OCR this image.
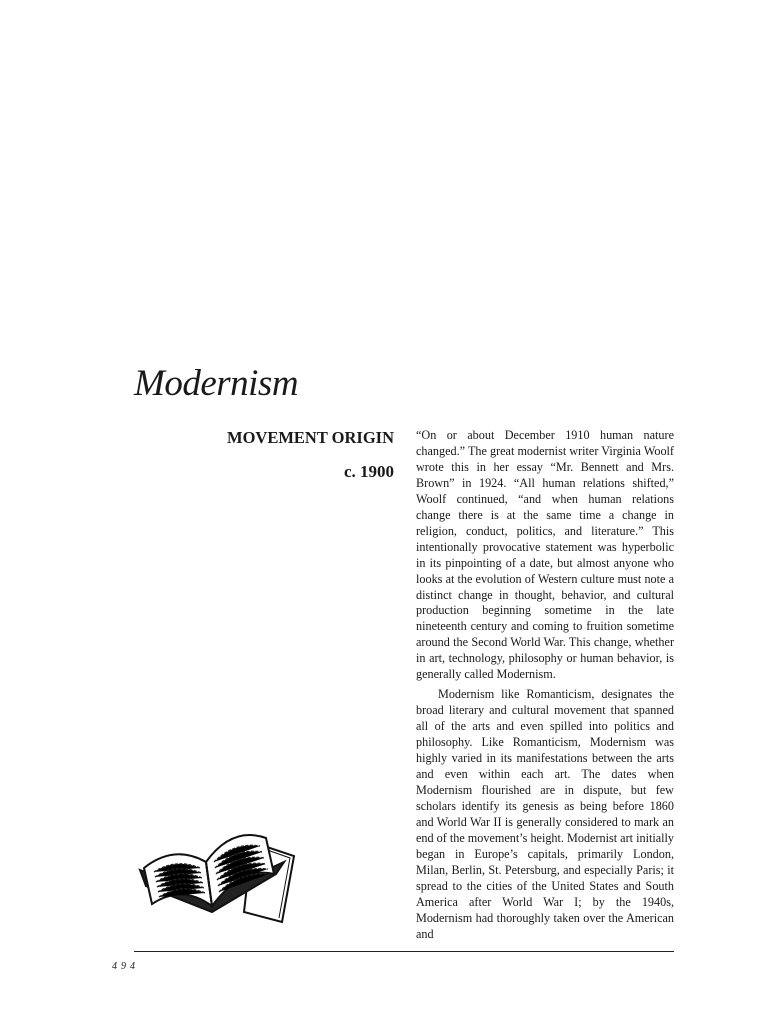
Modernism
MOVEMENT ORIGIN
c. 1900

“On or about December 1910 human nature changed.” The great modernist writer Virginia Woolf wrote this in her essay “Mr. Bennett and Mrs. Brown” in 1924. “All human relations shifted,” Woolf continued, “and when human relations change there is at the same time a change in religion, conduct, politics, and literature.” This intentionally provocative statement was hyperbolic in its pinpointing of a date, but almost anyone who looks at the evolution of Western culture must note a distinct change in thought, behavior, and cultural production beginning sometime in the late nineteenth century and coming to fruition sometime around the Second World War. This change, whether in art, technology, philosophy or human behavior, is generally called Modernism.

Modernism like Romanticism, designates the broad literary and cultural movement that spanned all of the arts and even spilled into politics and philosophy. Like Romanticism, Modernism was highly varied in its manifestations between the arts and even within each art. The dates when Modernism flourished are in dispute, but few scholars identify its genesis as being before 1860 and World War II is generally considered to mark an end of the movement’s height. Modernist art initially began in Europe’s capitals, primarily London, Milan, Berlin, St. Petersburg, and especially Paris; it spread to the cities of the United States and South America after World War I; by the 1940s, Modernism had thoroughly taken over the American and

494
